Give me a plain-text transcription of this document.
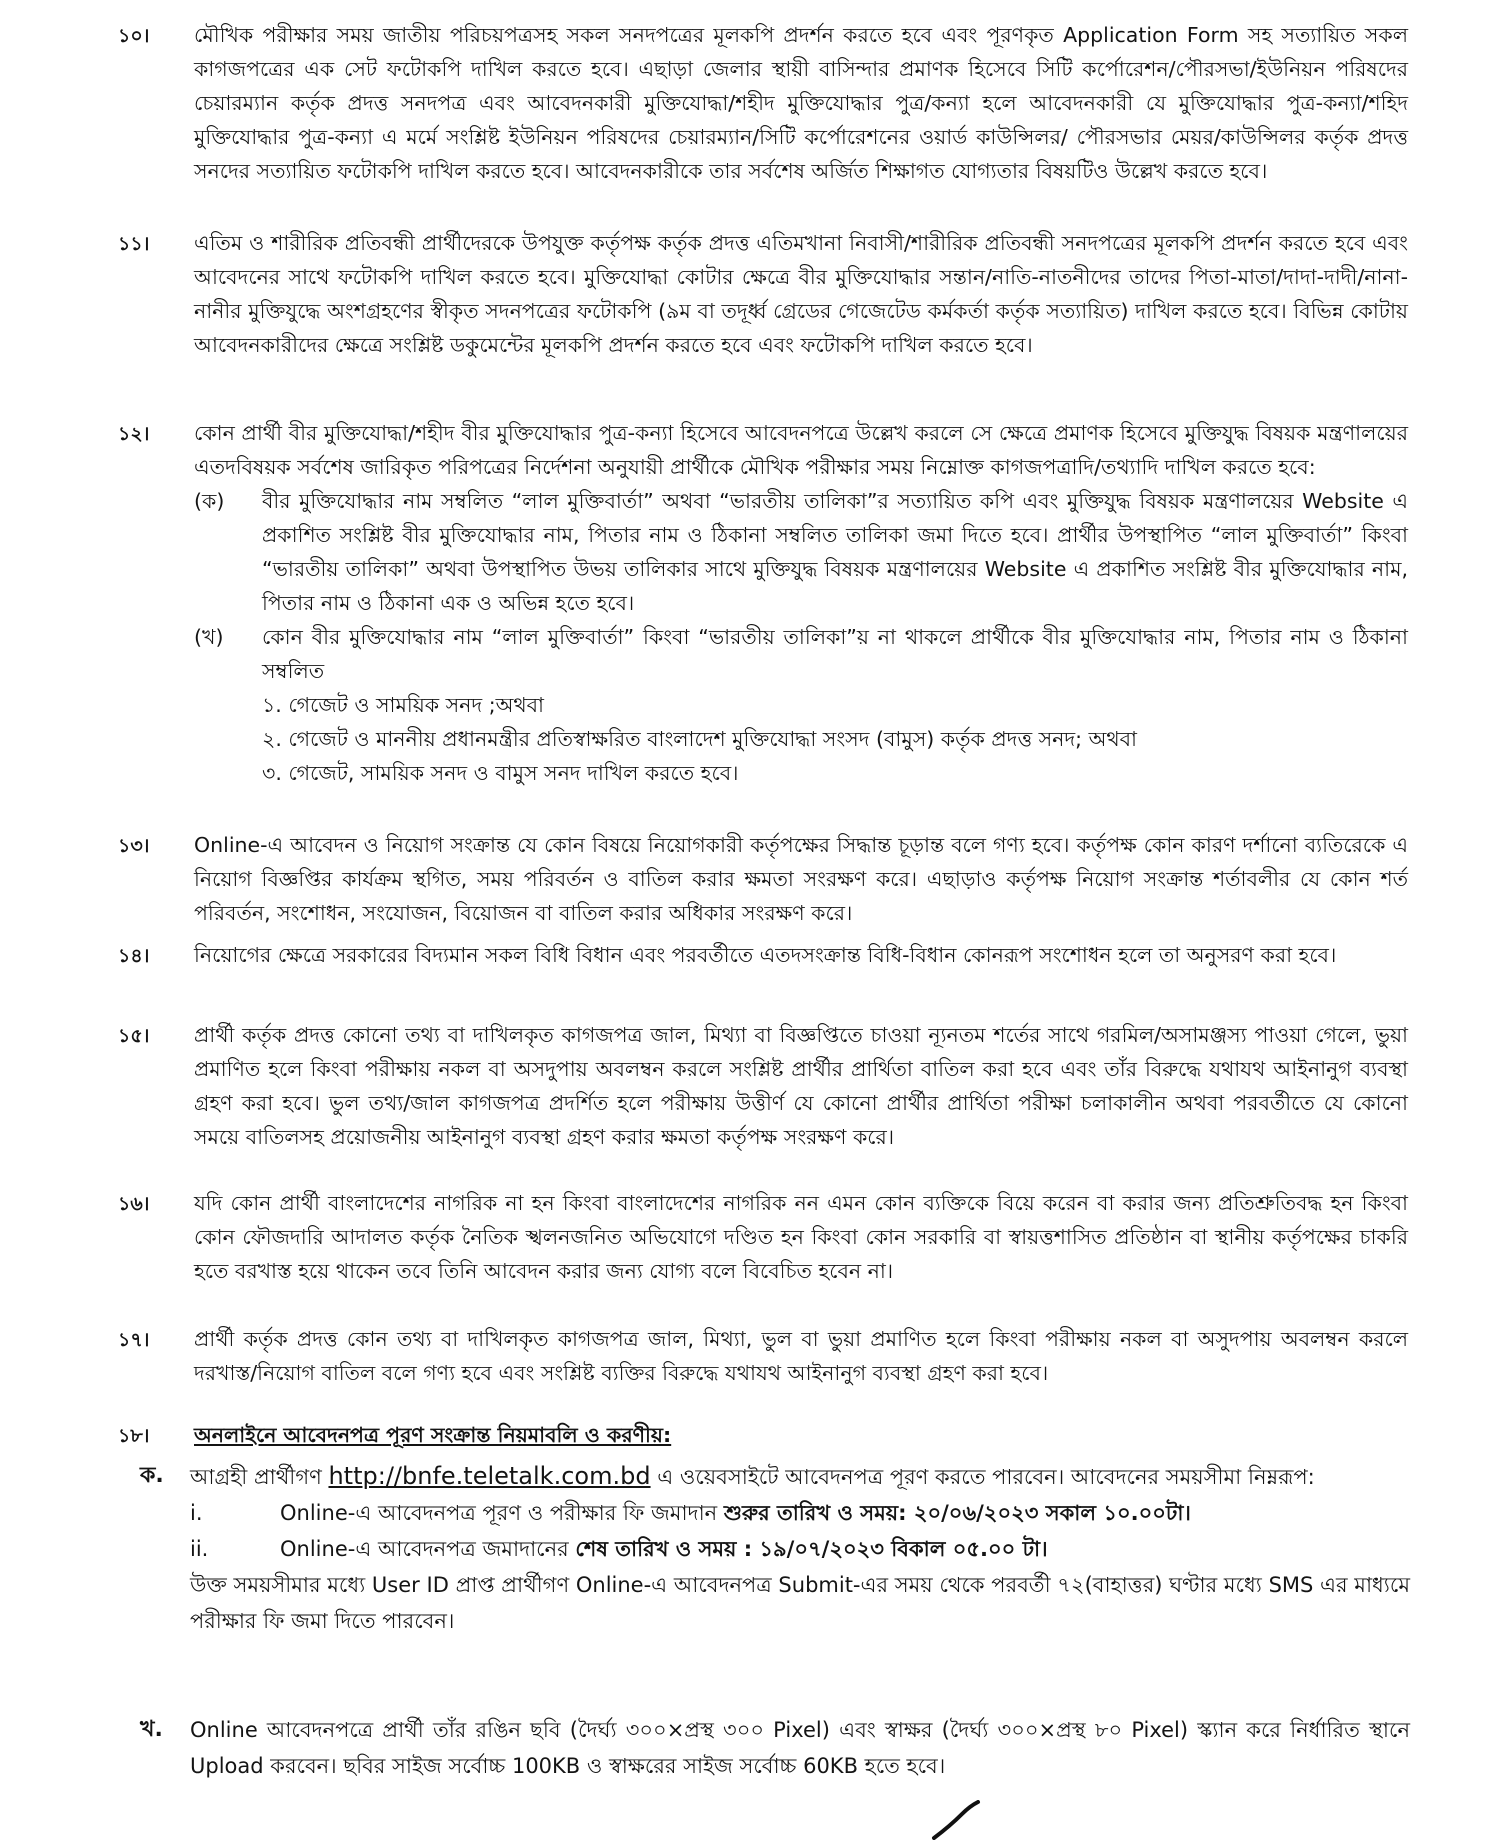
১০।	মৌখিক পরীক্ষার সময় জাতীয় পরিচয়পত্রসহ সকল সনদপত্রের মূলকপি প্রদর্শন করতে হবে এবং পূরণকৃত Application Form সহ সত্যায়িত সকল কাগজপত্রের এক সেট ফটোকপি দাখিল করতে হবে। এছাড়া জেলার স্থায়ী বাসিন্দার প্রমাণক হিসেবে সিটি কর্পোরেশন/পৌরসভা/ইউনিয়ন পরিষদের চেয়ারম্যান কর্তৃক প্রদত্ত সনদপত্র এবং আবেদনকারী মুক্তিযোদ্ধা/শহীদ মুক্তিযোদ্ধার পুত্র/কন্যা হলে আবেদনকারী যে মুক্তিযোদ্ধার পুত্র-কন্যা/শহিদ মুক্তিযোদ্ধার পুত্র-কন্যা এ মর্মে সংশ্লিষ্ট ইউনিয়ন পরিষদের চেয়ারম্যান/সিটি কর্পোরেশনের ওয়ার্ড কাউন্সিলর/ পৌরসভার মেয়র/কাউন্সিলর কর্তৃক প্রদত্ত সনদের সত্যায়িত ফটোকপি দাখিল করতে হবে। আবেদনকারীকে তার সর্বশেষ অর্জিত শিক্ষাগত যোগ্যতার বিষয়টিও উল্লেখ করতে হবে।
১১।	এতিম ও শারীরিক প্রতিবন্ধী প্রার্থীদেরকে উপযুক্ত কর্তৃপক্ষ কর্তৃক প্রদত্ত এতিমখানা নিবাসী/শারীরিক প্রতিবন্ধী সনদপত্রের মূলকপি প্রদর্শন করতে হবে এবং আবেদনের সাথে ফটোকপি দাখিল করতে হবে। মুক্তিযোদ্ধা কোটার ক্ষেত্রে বীর মুক্তিযোদ্ধার সন্তান/নাতি-নাতনীদের তাদের পিতা-মাতা/দাদা-দাদী/নানা-নানীর মুক্তিযুদ্ধে অংশগ্রহণের স্বীকৃত সদনপত্রের ফটোকপি (৯ম বা তদূর্ধ্ব গ্রেডের গেজেটেড কর্মকর্তা কর্তৃক সত্যায়িত) দাখিল করতে হবে। বিভিন্ন কোটায় আবেদনকারীদের ক্ষেত্রে সংশ্লিষ্ট ডকুমেন্টের মূলকপি প্রদর্শন করতে হবে এবং ফটোকপি দাখিল করতে হবে।
১২।	কোন প্রার্থী বীর মুক্তিযোদ্ধা/শহীদ বীর মুক্তিযোদ্ধার পুত্র-কন্যা হিসেবে আবেদনপত্রে উল্লেখ করলে সে ক্ষেত্রে প্রমাণক হিসেবে মুক্তিযুদ্ধ বিষয়ক মন্ত্রণালয়ের এতদবিষয়ক সর্বশেষ জারিকৃত পরিপত্রের নির্দেশনা অনুযায়ী প্রার্থীকে মৌখিক পরীক্ষার সময় নিম্নোক্ত কাগজপত্রাদি/তথ্যাদি দাখিল করতে হবে:
(ক) বীর মুক্তিযোদ্ধার নাম সম্বলিত “লাল মুক্তিবার্তা” অথবা “ভারতীয় তালিকা”র সত্যায়িত কপি এবং মুক্তিযুদ্ধ বিষয়ক মন্ত্রণালয়ের Website এ প্রকাশিত সংশ্লিষ্ট বীর মুক্তিযোদ্ধার নাম, পিতার নাম ও ঠিকানা সম্বলিত তালিকা জমা দিতে হবে। প্রার্থীর উপস্থাপিত “লাল মুক্তিবার্তা” কিংবা “ভারতীয় তালিকা” অথবা উপস্থাপিত উভয় তালিকার সাথে মুক্তিযুদ্ধ বিষয়ক মন্ত্রণালয়ের Website এ প্রকাশিত সংশ্লিষ্ট বীর মুক্তিযোদ্ধার নাম, পিতার নাম ও ঠিকানা এক ও অভিন্ন হতে হবে।
(খ) কোন বীর মুক্তিযোদ্ধার নাম “লাল মুক্তিবার্তা” কিংবা “ভারতীয় তালিকা”য় না থাকলে প্রার্থীকে বীর মুক্তিযোদ্ধার নাম, পিতার নাম ও ঠিকানা সম্বলিত
১. গেজেট ও সাময়িক সনদ ;অথবা
২. গেজেট ও মাননীয় প্রধানমন্ত্রীর প্রতিস্বাক্ষরিত বাংলাদেশ মুক্তিযোদ্ধা সংসদ (বামুস) কর্তৃক প্রদত্ত সনদ; অথবা
৩. গেজেট, সাময়িক সনদ ও বামুস সনদ দাখিল করতে হবে।
১৩।	Online-এ আবেদন ও নিয়োগ সংক্রান্ত যে কোন বিষয়ে নিয়োগকারী কর্তৃপক্ষের সিদ্ধান্ত চূড়ান্ত বলে গণ্য হবে। কর্তৃপক্ষ কোন কারণ দর্শানো ব্যতিরেকে এ নিয়োগ বিজ্ঞপ্তির কার্যক্রম স্থগিত, সময় পরিবর্তন ও বাতিল করার ক্ষমতা সংরক্ষণ করে। এছাড়াও কর্তৃপক্ষ নিয়োগ সংক্রান্ত শর্তাবলীর যে কোন শর্ত পরিবর্তন, সংশোধন, সংযোজন, বিয়োজন বা বাতিল করার অধিকার সংরক্ষণ করে।
১৪।	নিয়োগের ক্ষেত্রে সরকারের বিদ্যমান সকল বিধি বিধান এবং পরবর্তীতে এতদসংক্রান্ত বিধি-বিধান কোনরূপ সংশোধন হলে তা অনুসরণ করা হবে।
১৫।	প্রার্থী কর্তৃক প্রদত্ত কোনো তথ্য বা দাখিলকৃত কাগজপত্র জাল, মিথ্যা বা বিজ্ঞপ্তিতে চাওয়া ন্যূনতম শর্তের সাথে গরমিল/অসামঞ্জস্য পাওয়া গেলে, ভুয়া প্রমাণিত হলে কিংবা পরীক্ষায় নকল বা অসদুপায় অবলম্বন করলে সংশ্লিষ্ট প্রার্থীর প্রার্থিতা বাতিল করা হবে এবং তাঁর বিরুদ্ধে যথাযথ আইনানুগ ব্যবস্থা গ্রহণ করা হবে। ভুল তথ্য/জাল কাগজপত্র প্রদর্শিত হলে পরীক্ষায় উত্তীর্ণ যে কোনো প্রার্থীর প্রার্থিতা পরীক্ষা চলাকালীন অথবা পরবর্তীতে যে কোনো সময়ে বাতিলসহ প্রয়োজনীয় আইনানুগ ব্যবস্থা গ্রহণ করার ক্ষমতা কর্তৃপক্ষ সংরক্ষণ করে।
১৬।	যদি কোন প্রার্থী বাংলাদেশের নাগরিক না হন কিংবা বাংলাদেশের নাগরিক নন এমন কোন ব্যক্তিকে বিয়ে করেন বা করার জন্য প্রতিশ্রুতিবদ্ধ হন কিংবা কোন ফৌজদারি আদালত কর্তৃক নৈতিক স্খলনজনিত অভিযোগে দণ্ডিত হন কিংবা কোন সরকারি বা স্বায়ত্তশাসিত প্রতিষ্ঠান বা স্থানীয় কর্তৃপক্ষের চাকরি হতে বরখাস্ত হয়ে থাকেন তবে তিনি আবেদন করার জন্য যোগ্য বলে বিবেচিত হবেন না।
১৭।	প্রার্থী কর্তৃক প্রদত্ত কোন তথ্য বা দাখিলকৃত কাগজপত্র জাল, মিথ্যা, ভুল বা ভুয়া প্রমাণিত হলে কিংবা পরীক্ষায় নকল বা অসুদপায় অবলম্বন করলে দরখাস্ত/নিয়োগ বাতিল বলে গণ্য হবে এবং সংশ্লিষ্ট ব্যক্তির বিরুদ্ধে যথাযথ আইনানুগ ব্যবস্থা গ্রহণ করা হবে।
১৮।	অনলাইনে আবেদনপত্র পূরণ সংক্রান্ত নিয়মাবলি ও করণীয়:
ক. আগ্রহী প্রার্থীগণ http://bnfe.teletalk.com.bd এ ওয়েবসাইটে আবেদনপত্র পূরণ করতে পারবেন। আবেদনের সময়সীমা নিম্নরূপ:
i.	Online-এ আবেদনপত্র পূরণ ও পরীক্ষার ফি জমাদান শুরুর তারিখ ও সময়: ২০/০৬/২০২৩ সকাল ১০.০০টা।
ii.	Online-এ আবেদনপত্র জমাদানের শেষ তারিখ ও সময় : ১৯/০৭/২০২৩ বিকাল ০৫.০০ টা।
উক্ত সময়সীমার মধ্যে User ID প্রাপ্ত প্রার্থীগণ Online-এ আবেদনপত্র Submit-এর সময় থেকে পরবর্তী ৭২(বাহাত্তর) ঘণ্টার মধ্যে SMS এর মাধ্যমে পরীক্ষার ফি জমা দিতে পারবেন।
খ. Online আবেদনপত্রে প্রার্থী তাঁর রঙিন ছবি (দৈর্ঘ্য ৩০০×প্রস্থ ৩০০ Pixel) এবং স্বাক্ষর (দৈর্ঘ্য ৩০০×প্রস্থ ৮০ Pixel) স্ক্যান করে নির্ধারিত স্থানে Upload করবেন। ছবির সাইজ সর্বোচ্চ 100KB ও স্বাক্ষরের সাইজ সর্বোচ্চ 60KB হতে হবে।
